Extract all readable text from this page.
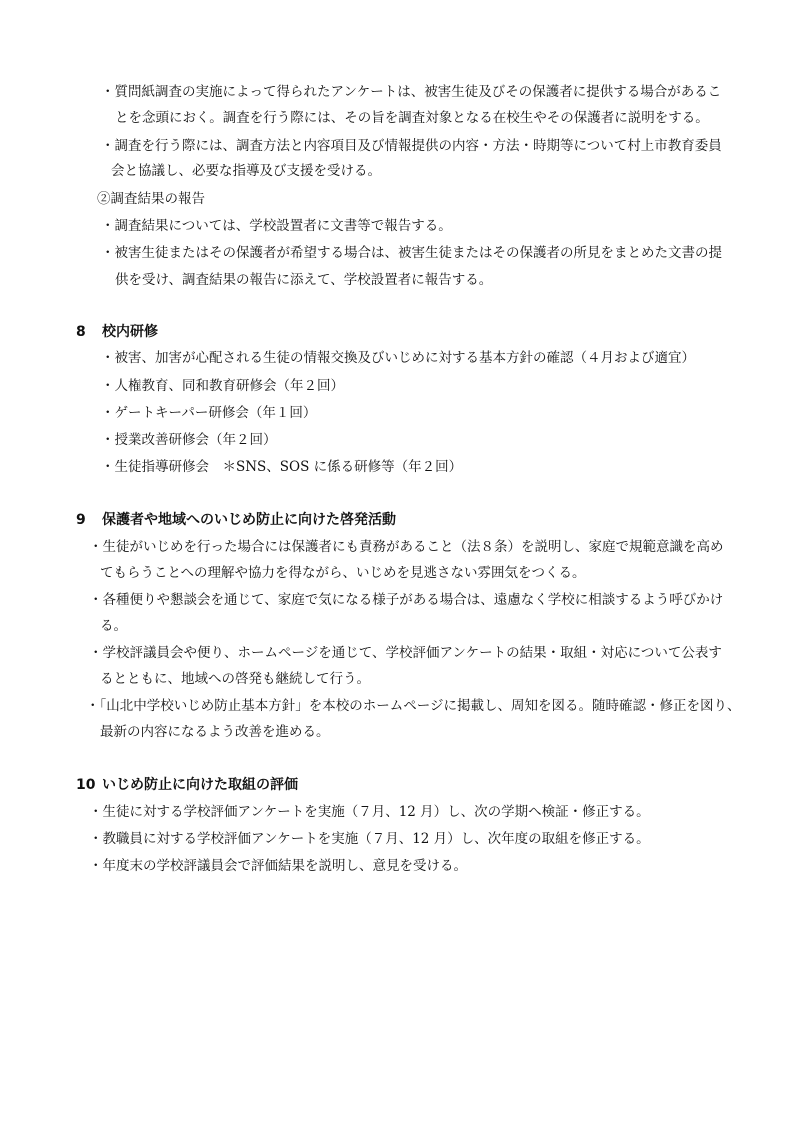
・質問紙調査の実施によって得られたアンケートは、被害生徒及びその保護者に提供する場合があるこ
とを念頭におく。調査を行う際には、その旨を調査対象となる在校生やその保護者に説明をする。
・調査を行う際には、調査方法と内容項目及び情報提供の内容・方法・時期等について村上市教育委員
会と協議し、必要な指導及び支援を受ける。
②調査結果の報告
・調査結果については、学校設置者に文書等で報告する。
・被害生徒またはその保護者が希望する場合は、被害生徒またはその保護者の所見をまとめた文書の提
供を受け、調査結果の報告に添えて、学校設置者に報告する。
8 校内研修
・被害、加害が心配される生徒の情報交換及びいじめに対する基本方針の確認（４月および適宜）
・人権教育、同和教育研修会（年２回）
・ゲートキーパー研修会（年１回）
・授業改善研修会（年２回）
・生徒指導研修会　＊SNS、SOS に係る研修等（年２回）
9 保護者や地域へのいじめ防止に向けた啓発活動
・生徒がいじめを行った場合には保護者にも責務があること（法８条）を説明し、家庭で規範意識を高め
てもらうことへの理解や協力を得ながら、いじめを見逃さない雰囲気をつくる。
・各種便りや懇談会を通じて、家庭で気になる様子がある場合は、遠慮なく学校に相談するよう呼びかけ
る。
・学校評議員会や便り、ホームページを通じて、学校評価アンケートの結果・取組・対応について公表す
るとともに、地域への啓発も継続して行う。
・「山北中学校いじめ防止基本方針」を本校のホームページに掲載し、周知を図る。随時確認・修正を図り、
最新の内容になるよう改善を進める。
10 いじめ防止に向けた取組の評価
・生徒に対する学校評価アンケートを実施（７月、12 月）し、次の学期へ検証・修正する。
・教職員に対する学校評価アンケートを実施（７月、12 月）し、次年度の取組を修正する。
・年度末の学校評議員会で評価結果を説明し、意見を受ける。
